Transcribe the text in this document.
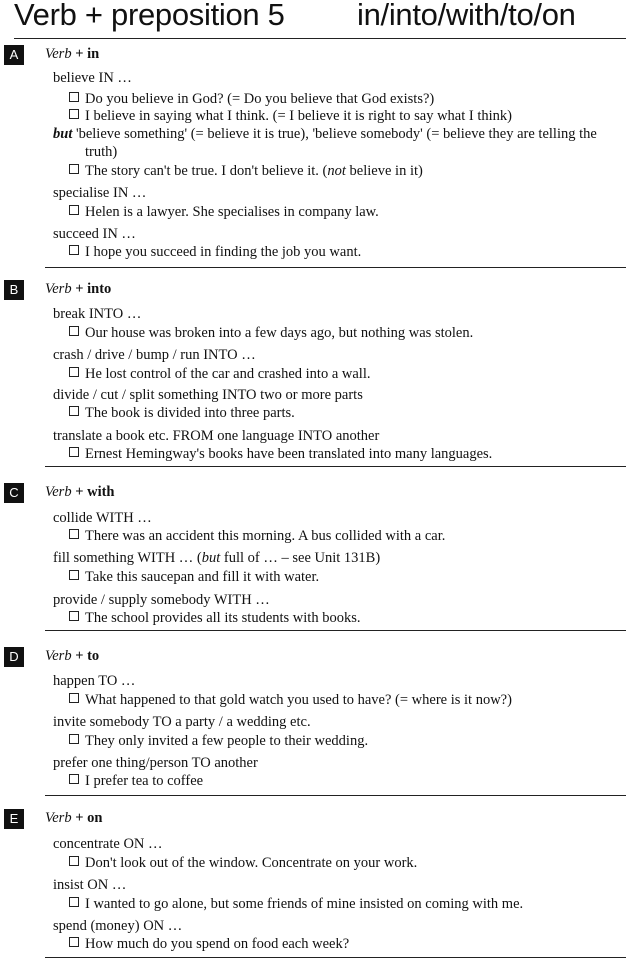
Verb + preposition 5 in/into/with/to/on
A	Verb + in
believe IN …
Do you believe in God? (= Do you believe that God exists?)
I believe in saying what I think. (= I believe it is right to say what I think)
but 'believe something' (= believe it is true), 'believe somebody' (= believe they are telling the
truth)
The story can't be true. I don't believe it. (not believe in it)
specialise IN …
Helen is a lawyer. She specialises in company law.
succeed IN …
I hope you succeed in finding the job you want.
B	Verb + into
break INTO …
Our house was broken into a few days ago, but nothing was stolen.
crash / drive / bump / run INTO …
He lost control of the car and crashed into a wall.
divide / cut / split something INTO two or more parts
The book is divided into three parts.
translate a book etc. FROM one language INTO another
Ernest Hemingway's books have been translated into many languages.
C	Verb + with
collide WITH …
There was an accident this morning. A bus collided with a car.
fill something WITH … (but full of … – see Unit 131B)
Take this saucepan and fill it with water.
provide / supply somebody WITH …
The school provides all its students with books.
D	Verb + to
happen TO …
What happened to that gold watch you used to have? (= where is it now?)
invite somebody TO a party / a wedding etc.
They only invited a few people to their wedding.
prefer one thing/person TO another
I prefer tea to coffee
E	Verb + on
concentrate ON …
Don't look out of the window. Concentrate on your work.
insist ON …
I wanted to go alone, but some friends of mine insisted on coming with me.
spend (money) ON …
How much do you spend on food each week?
